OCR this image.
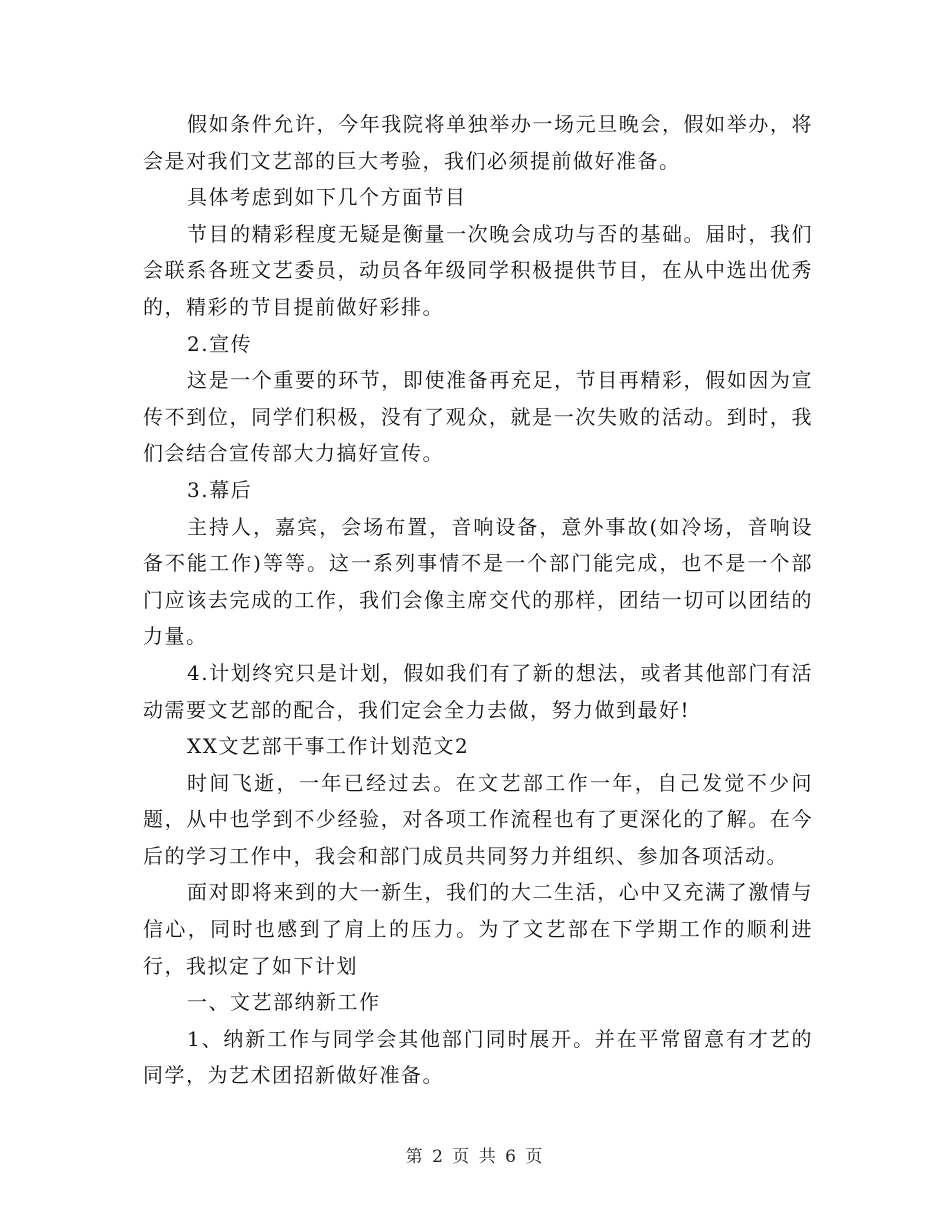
假如条件允许，今年我院将单独举办一场元旦晚会，假如举办，将会是对我们文艺部的巨大考验，我们必须提前做好准备。

具体考虑到如下几个方面节目

节目的精彩程度无疑是衡量一次晚会成功与否的基础。届时，我们会联系各班文艺委员，动员各年级同学积极提供节目，在从中选出优秀的，精彩的节目提前做好彩排。

2.宣传

这是一个重要的环节，即使准备再充足，节目再精彩，假如因为宣传不到位，同学们积极，没有了观众，就是一次失败的活动。到时，我们会结合宣传部大力搞好宣传。

3.幕后

主持人，嘉宾，会场布置，音响设备，意外事故(如冷场，音响设备不能工作)等等。这一系列事情不是一个部门能完成，也不是一个部门应该去完成的工作，我们会像主席交代的那样，团结一切可以团结的力量。

4.计划终究只是计划，假如我们有了新的想法，或者其他部门有活动需要文艺部的配合，我们定会全力去做，努力做到最好!

XX文艺部干事工作计划范文2

时间飞逝，一年已经过去。在文艺部工作一年，自己发觉不少问题，从中也学到不少经验，对各项工作流程也有了更深化的了解。在今后的学习工作中，我会和部门成员共同努力并组织、参加各项活动。

面对即将来到的大一新生，我们的大二生活，心中又充满了激情与信心，同时也感到了肩上的压力。为了文艺部在下学期工作的顺利进行，我拟定了如下计划

一、文艺部纳新工作

1、纳新工作与同学会其他部门同时展开。并在平常留意有才艺的同学，为艺术团招新做好准备。

第 2 页 共 6 页
